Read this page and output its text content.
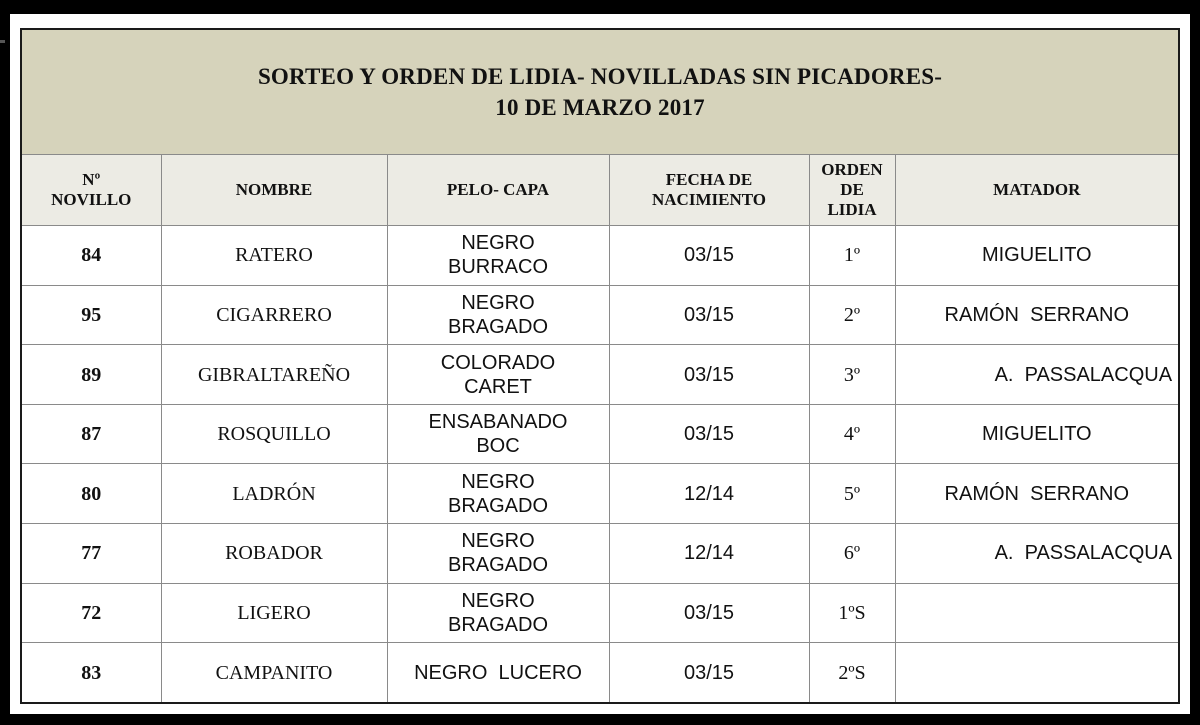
SORTEO Y ORDEN DE LIDIA- NOVILLADAS SIN PICADORES-
10 DE MARZO 2017					

Nº
NOVILLO	NOMBRE	PELO- CAPA	FECHA DE
NACIMIENTO	ORDEN
DE
LIDIA	MATADOR

84	RATERO	NEGRO
BURRACO	03/15	1º	MIGUELITO
95	CIGARRERO	NEGRO
BRAGADO	03/15	2º	RAMÓN  SERRANO
89	GIBRALTAREÑO	COLORADO
CARET	03/15	3º	A.  PASSALACQUA
87	ROSQUILLO	ENSABANADO
BOC	03/15	4º	MIGUELITO
80	LADRÓN	NEGRO
BRAGADO	12/14	5º	RAMÓN  SERRANO
77	ROBADOR	NEGRO
BRAGADO	12/14	6º	A.  PASSALACQUA
72	LIGERO	NEGRO
BRAGADO	03/15	1ºS	
83	CAMPANITO	NEGRO  LUCERO	03/15	2ºS	
